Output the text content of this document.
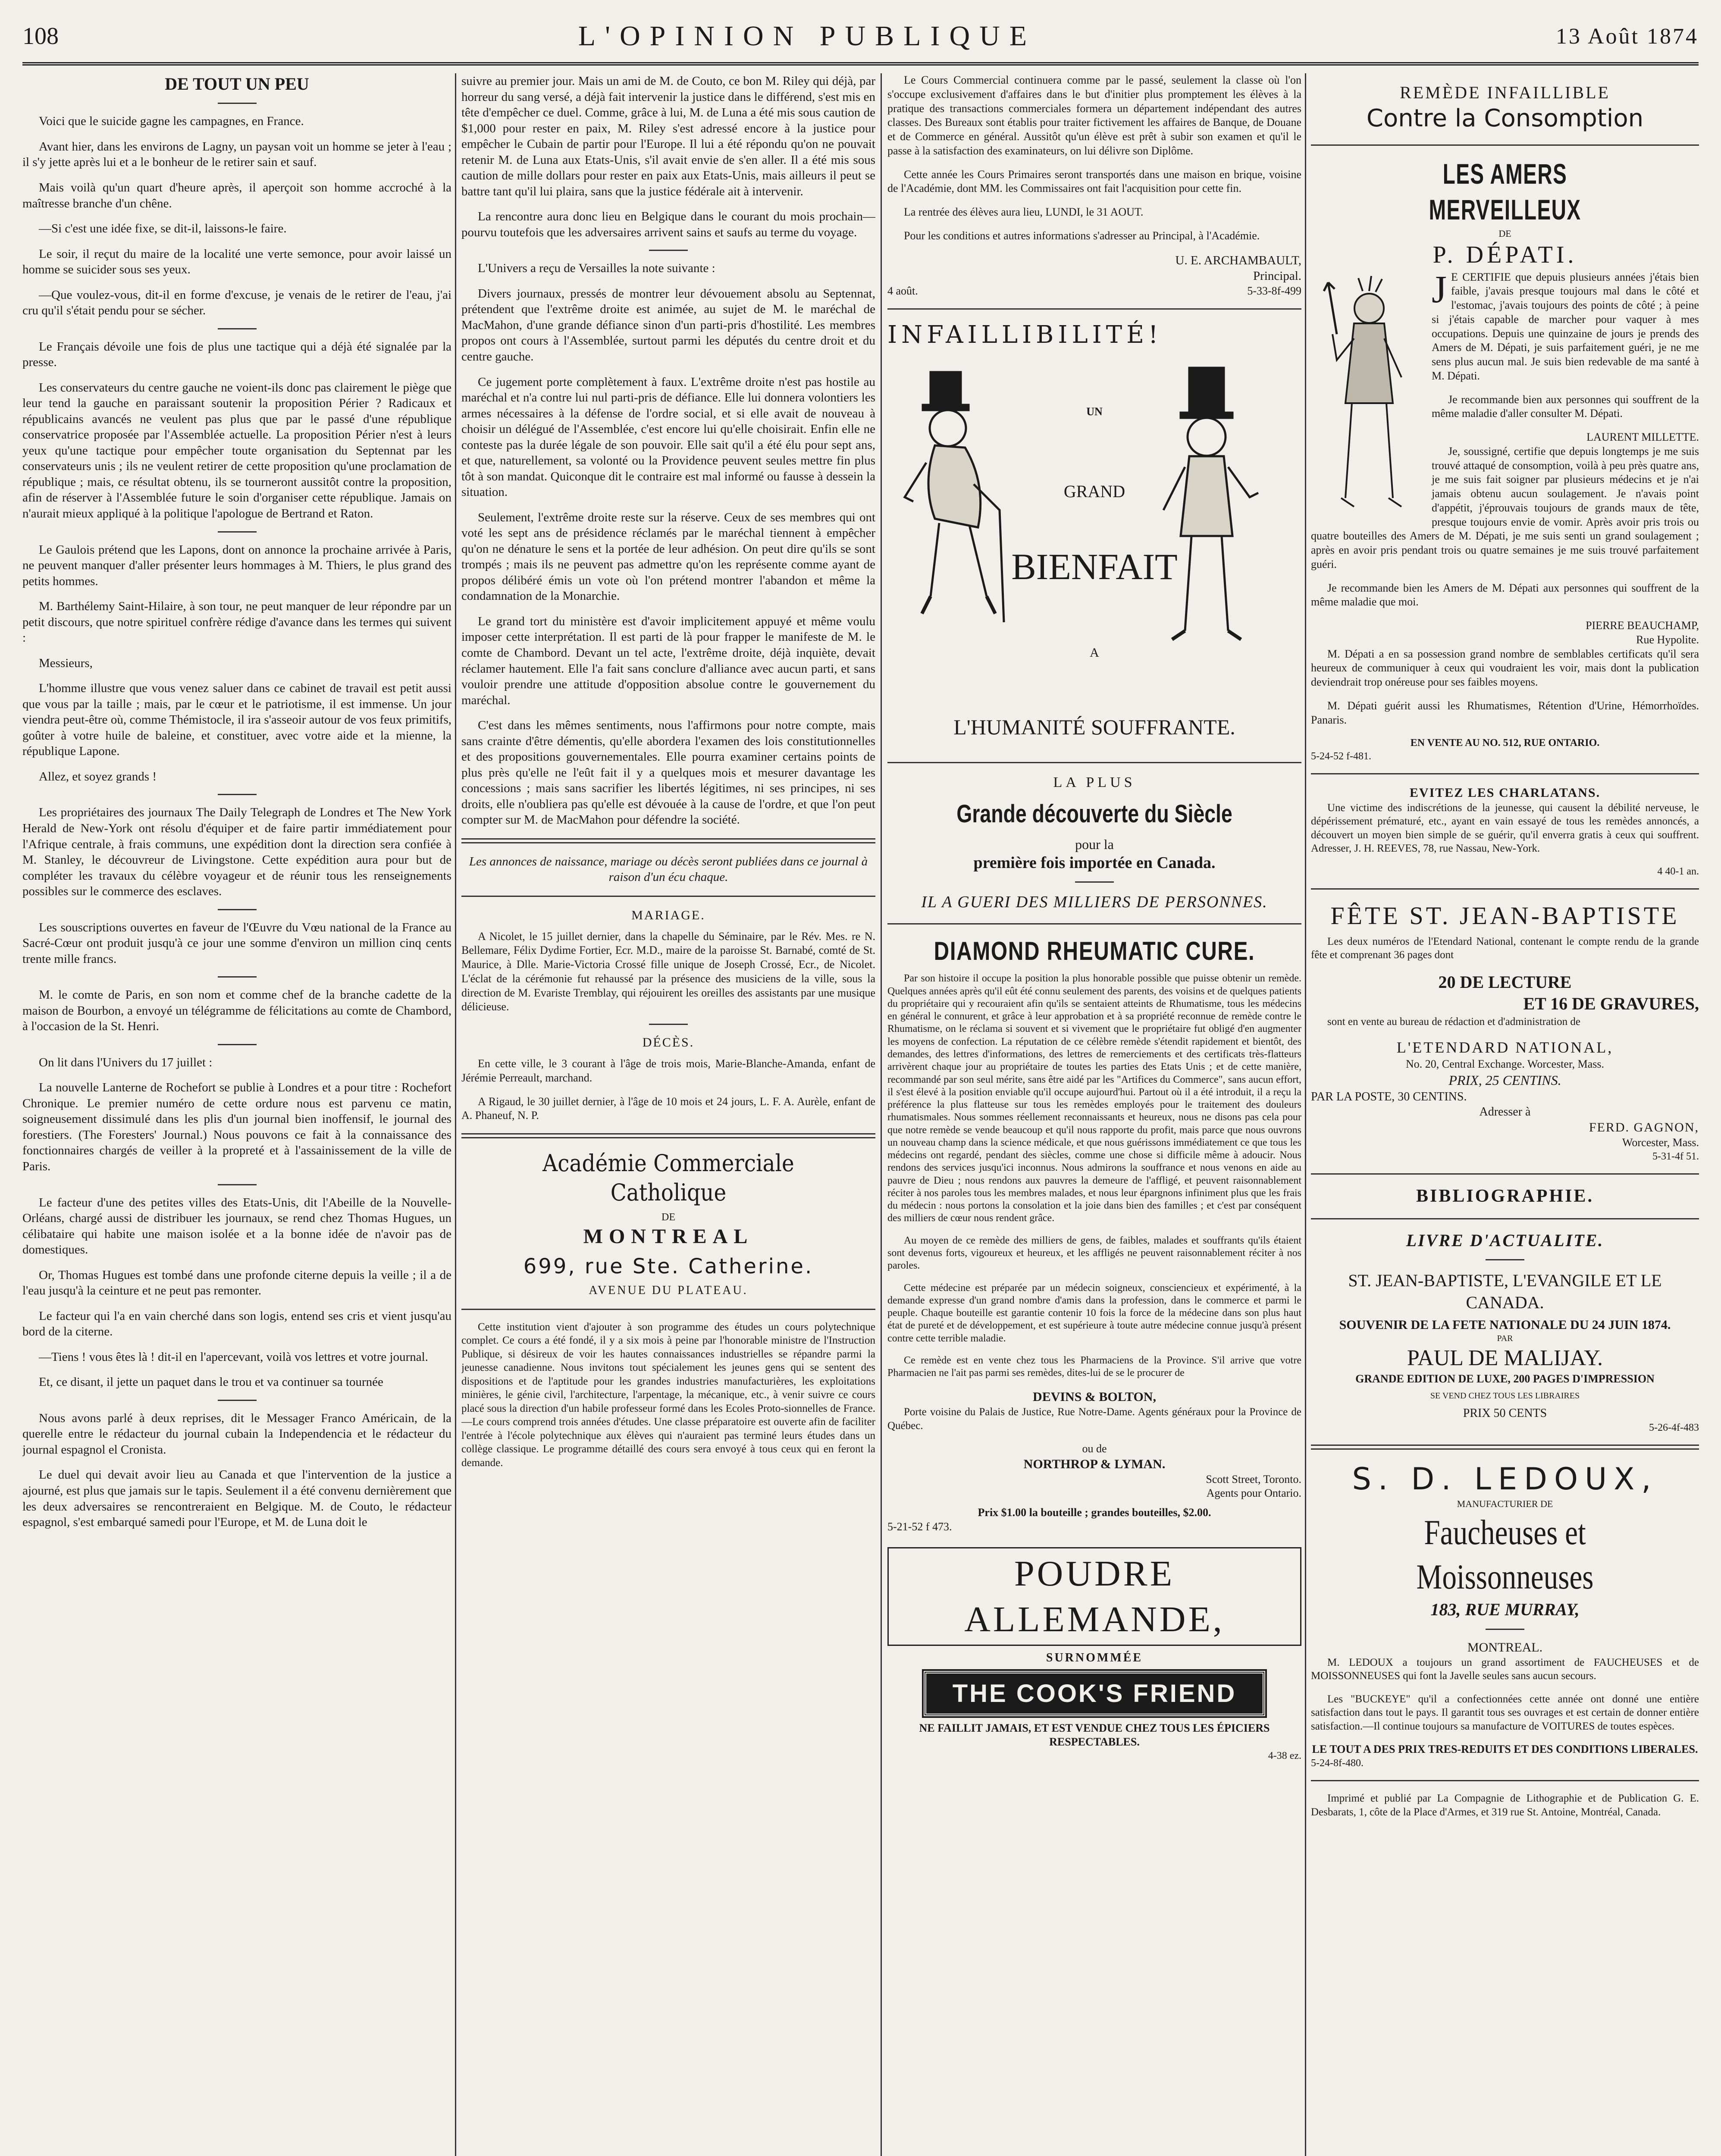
108	L'OPINION PUBLIQUE	13 Août 1874
DE TOUT UN PEU

Voici que le suicide gagne les campagnes, en France.

Avant hier, dans les environs de Lagny, un paysan voit un homme se jeter à l'eau ; il s'y jette après lui et a le bonheur de le retirer sain et sauf.

Mais voilà qu'un quart d'heure après, il aperçoit son homme accroché à la maîtresse branche d'un chêne.

—Si c'est une idée fixe, se dit-il, laissons-le faire.

Le soir, il reçut du maire de la localité une verte semonce, pour avoir laissé un homme se suicider sous ses yeux.

—Que voulez-vous, dit-il en forme d'excuse, je venais de le retirer de l'eau, j'ai cru qu'il s'était pendu pour se sécher.

Le Français dévoile une fois de plus une tactique qui a déjà été signalée par la presse.

Les conservateurs du centre gauche ne voient-ils donc pas clairement le piège que leur tend la gauche en paraissant soutenir la proposition Périer ? Radicaux et républicains avancés ne veulent pas plus que par le passé d'une république conservatrice proposée par l'Assemblée actuelle. La proposition Périer n'est à leurs yeux qu'une tactique pour empêcher toute organisation du Septennat par les conservateurs unis ; ils ne veulent retirer de cette proposition qu'une proclamation de république ; mais, ce résultat obtenu, ils se tourneront aussitôt contre la proposition, afin de réserver à l'Assemblée future le soin d'organiser cette république. Jamais on n'aurait mieux appliqué à la politique l'apologue de Bertrand et Raton.

Le Gaulois prétend que les Lapons, dont on annonce la prochaine arrivée à Paris, ne peuvent manquer d'aller présenter leurs hommages à M. Thiers, le plus grand des petits hommes.

M. Barthélemy Saint-Hilaire, à son tour, ne peut manquer de leur répondre par un petit discours, que notre spirituel confrère rédige d'avance dans les termes qui suivent :

Messieurs,

L'homme illustre que vous venez saluer dans ce cabinet de travail est petit aussi que vous par la taille ; mais, par le cœur et le patriotisme, il est immense. Un jour viendra peut-être où, comme Thémistocle, il ira s'asseoir autour de vos feux primitifs, goûter à votre huile de baleine, et constituer, avec votre aide et la mienne, la république Lapone.

Allez, et soyez grands !

Les propriétaires des journaux The Daily Telegraph de Londres et The New York Herald de New-York ont résolu d'équiper et de faire partir immédiatement pour l'Afrique centrale, à frais communs, une expédition dont la direction sera confiée à M. Stanley, le découvreur de Livingstone. Cette expédition aura pour but de compléter les travaux du célèbre voyageur et de réunir tous les renseignements possibles sur le commerce des esclaves.

Les souscriptions ouvertes en faveur de l'Œuvre du Vœu national de la France au Sacré-Cœur ont produit jusqu'à ce jour une somme d'environ un million cinq cents trente mille francs.

M. le comte de Paris, en son nom et comme chef de la branche cadette de la maison de Bourbon, a envoyé un télégramme de félicitations au comte de Chambord, à l'occasion de la St. Henri.

On lit dans l'Univers du 17 juillet :

La nouvelle Lanterne de Rochefort se publie à Londres et a pour titre : Rochefort Chronique. Le premier numéro de cette ordure nous est parvenu ce matin, soigneusement dissimulé dans les plis d'un journal bien inoffensif, le journal des forestiers. (The Foresters' Journal.) Nous pouvons ce fait à la connaissance des fonctionnaires chargés de veiller à la propreté et à l'assainissement de la ville de Paris.

Le facteur d'une des petites villes des Etats-Unis, dit l'Abeille de la Nouvelle-Orléans, chargé aussi de distribuer les journaux, se rend chez Thomas Hugues, un célibataire qui habite une maison isolée et a la bonne idée de n'avoir pas de domestiques.

Or, Thomas Hugues est tombé dans une profonde citerne depuis la veille ; il a de l'eau jusqu'à la ceinture et ne peut pas remonter.

Le facteur qui l'a en vain cherché dans son logis, entend ses cris et vient jusqu'au bord de la citerne.

—Tiens ! vous êtes là ! dit-il en l'apercevant, voilà vos lettres et votre journal.

Et, ce disant, il jette un paquet dans le trou et va continuer sa tournée

Nous avons parlé à deux reprises, dit le Messager Franco Américain, de la querelle entre le rédacteur du journal cubain la Independencia et le rédacteur du journal espagnol el Cronista.

Le duel qui devait avoir lieu au Canada et que l'intervention de la justice a ajourné, est plus que jamais sur le tapis. Seulement il a été convenu dernièrement que les deux adversaires se rencontreraient en Belgique. M. de Couto, le rédacteur espagnol, s'est embarqué samedi pour l'Europe, et M. de Luna doit le

suivre au premier jour. Mais un ami de M. de Couto, ce bon M. Riley qui déjà, par horreur du sang versé, a déjà fait intervenir la justice dans le différend, s'est mis en tête d'empêcher ce duel. Comme, grâce à lui, M. de Luna a été mis sous caution de $1,000 pour rester en paix, M. Riley s'est adressé encore à la justice pour empêcher le Cubain de partir pour l'Europe. Il lui a été répondu qu'on ne pouvait retenir M. de Luna aux Etats-Unis, s'il avait envie de s'en aller. Il a été mis sous caution de mille dollars pour rester en paix aux Etats-Unis, mais ailleurs il peut se battre tant qu'il lui plaira, sans que la justice fédérale ait à intervenir.

La rencontre aura donc lieu en Belgique dans le courant du mois prochain—pourvu toutefois que les adversaires arrivent sains et saufs au terme du voyage.

L'Univers a reçu de Versailles la note suivante :

Divers journaux, pressés de montrer leur dévouement absolu au Septennat, prétendent que l'extrême droite est animée, au sujet de M. le maréchal de MacMahon, d'une grande défiance sinon d'un parti-pris d'hostilité. Les membres propos ont cours à l'Assemblée, surtout parmi les députés du centre droit et du centre gauche.

Ce jugement porte complètement à faux. L'extrême droite n'est pas hostile au maréchal et n'a contre lui nul parti-pris de défiance. Elle lui donnera volontiers les armes nécessaires à la défense de l'ordre social, et si elle avait de nouveau à choisir un délégué de l'Assemblée, c'est encore lui qu'elle choisirait. Enfin elle ne conteste pas la durée légale de son pouvoir. Elle sait qu'il a été élu pour sept ans, et que, naturellement, sa volonté ou la Providence peuvent seules mettre fin plus tôt à son mandat. Quiconque dit le contraire est mal informé ou fausse à dessein la situation.

Seulement, l'extrême droite reste sur la réserve. Ceux de ses membres qui ont voté les sept ans de présidence réclamés par le maréchal tiennent à empêcher qu'on ne dénature le sens et la portée de leur adhésion. On peut dire qu'ils se sont trompés ; mais ils ne peuvent pas admettre qu'on les représente comme ayant de propos délibéré émis un vote où l'on prétend montrer l'abandon et même la condamnation de la Monarchie.

Le grand tort du ministère est d'avoir implicitement appuyé et même voulu imposer cette interprétation. Il est parti de là pour frapper le manifeste de M. le comte de Chambord. Devant un tel acte, l'extrême droite, déjà inquiète, devait réclamer hautement. Elle l'a fait sans conclure d'alliance avec aucun parti, et sans vouloir prendre une attitude d'opposition absolue contre le gouvernement du maréchal.

C'est dans les mêmes sentiments, nous l'affirmons pour notre compte, mais sans crainte d'être démentis, qu'elle abordera l'examen des lois constitutionnelles et des propositions gouvernementales. Elle pourra examiner certains points de plus près qu'elle ne l'eût fait il y a quelques mois et mesurer davantage les concessions ; mais sans sacrifier les libertés légitimes, ni ses principes, ni ses droits, elle n'oubliera pas qu'elle est dévouée à la cause de l'ordre, et que l'on peut compter sur M. de MacMahon pour défendre la société.

Les annonces de naissance, mariage ou décès seront publiées dans ce journal à raison d'un écu chaque.

MARIAGE.

A Nicolet, le 15 juillet dernier, dans la chapelle du Séminaire, par le Rév. Mes. re N. Bellemare, Félix Dydime Fortier, Ecr. M.D., maire de la paroisse St. Barnabé, comté de St. Maurice, à Dlle. Marie-Victoria Crossé fille unique de Joseph Crossé, Ecr., de Nicolet. L'éclat de la cérémonie fut rehaussé par la présence des musiciens de la ville, sous la direction de M. Evariste Tremblay, qui réjouirent les oreilles des assistants par une musique délicieuse.

DÉCÈS.

En cette ville, le 3 courant à l'âge de trois mois, Marie-Blanche-Amanda, enfant de Jérémie Perreault, marchand.

A Rigaud, le 30 juillet dernier, à l'âge de 10 mois et 24 jours, L. F. A. Aurèle, enfant de A. Phaneuf, N. P.

Académie Commerciale Catholique
DE
MONTREAL
699, rue Ste. Catherine.
AVENUE DU PLATEAU.

Cette institution vient d'ajouter à son programme des études un cours polytechnique complet. Ce cours a été fondé, il y a six mois à peine par l'honorable ministre de l'Instruction Publique, si désireux de voir les hautes connaissances industrielles se répandre parmi la jeunesse canadienne. Nous invitons tout spécialement les jeunes gens qui se sentent des dispositions et de l'aptitude pour les grandes industries manufacturières, les exploitations minières, le génie civil, l'architecture, l'arpentage, la mécanique, etc., à venir suivre ce cours placé sous la direction d'un habile professeur formé dans les Ecoles Proto-sionnelles de France.—Le cours comprend trois années d'études. Une classe préparatoire est ouverte afin de faciliter l'entrée à l'école polytechnique aux élèves qui n'auraient pas terminé leurs études dans un collège classique. Le programme détaillé des cours sera envoyé à tous ceux qui en feront la demande.

Le Cours Commercial continuera comme par le passé, seulement la classe où l'on s'occupe exclusivement d'affaires dans le but d'initier plus promptement les élèves à la pratique des transactions commerciales formera un département indépendant des autres classes. Des Bureaux sont établis pour traiter fictivement les affaires de Banque, de Douane et de Commerce en général. Aussitôt qu'un élève est prêt à subir son examen et qu'il le passe à la satisfaction des examinateurs, on lui délivre son Diplôme.

Cette année les Cours Primaires seront transportés dans une maison en brique, voisine de l'Académie, dont MM. les Commissaires ont fait l'acquisition pour cette fin.

La rentrée des élèves aura lieu, LUNDI, le 31 AOUT.

Pour les conditions et autres informations s'adresser au Principal, à l'Académie.

U. E. ARCHAMBAULT,
Principal.
4 août.	5-33-8f-499
INFAILLIBILITÉ!
UN
GRAND
BIENFAIT
A
L'HUMANITÉ SOUFFRANTE.
LA PLUS
Grande découverte du Siècle
pour la
première fois importée en Canada.
IL A GUERI DES MILLIERS DE PERSONNES.
DIAMOND RHEUMATIC CURE.

Par son histoire il occupe la position la plus honorable possible que puisse obtenir un remède. Quelques années après qu'il eût été connu seulement des parents, des voisins et de quelques patients du propriétaire qui y recouraient afin qu'ils se sentaient atteints de Rhumatisme, tous les médecins en général le connurent, et grâce à leur approbation et à sa propriété reconnue de remède contre le Rhumatisme, on le réclama si souvent et si vivement que le propriétaire fut obligé d'en augmenter les moyens de confection. La réputation de ce célèbre remède s'étendit rapidement et bientôt, des demandes, des lettres d'informations, des lettres de remerciements et des certificats très-flatteurs arrivèrent chaque jour au propriétaire de toutes les parties des Etats Unis ; et de cette manière, recommandé par son seul mérite, sans être aidé par les "Artifices du Commerce", sans aucun effort, il s'est élevé à la position enviable qu'il occupe aujourd'hui. Partout où il a été introduit, il a reçu la préférence la plus flatteuse sur tous les remèdes employés pour le traitement des douleurs rhumatismales. Nous sommes réellement reconnaissants et heureux, nous ne disons pas cela pour que notre remède se vende beaucoup et qu'il nous rapporte du profit, mais parce que nous ouvrons un nouveau champ dans la science médicale, et que nous guérissons immédiatement ce que tous les médecins ont regardé, pendant des siècles, comme une chose si difficile même à adoucir. Nous rendons des services jusqu'ici inconnus. Nous admirons la souffrance et nous venons en aide au pauvre de Dieu ; nous rendons aux pauvres la demeure de l'affligé, et peuvent raisonnablement réciter à nos paroles tous les membres malades, et nous leur épargnons infiniment plus que les frais du médecin : nous portons la consolation et la joie dans bien des familles ; et c'est par conséquent des milliers de cœur nous rendent grâce.

Au moyen de ce remède des milliers de gens, de faibles, malades et souffrants qu'ils étaient sont devenus forts, vigoureux et heureux, et les affligés ne peuvent raisonnablement réciter à nos paroles.

Cette médecine est préparée par un médecin soigneux, consciencieux et expérimenté, à la demande expresse d'un grand nombre d'amis dans la profession, dans le commerce et parmi le peuple. Chaque bouteille est garantie contenir 10 fois la force de la médecine dans son plus haut état de pureté et de développement, et est supérieure à toute autre médecine connue jusqu'à présent contre cette terrible maladie.

Ce remède est en vente chez tous les Pharmaciens de la Province. S'il arrive que votre Pharmacien ne l'ait pas parmi ses remèdes, dites-lui de se le procurer de

DEVINS & BOLTON,

Porte voisine du Palais de Justice, Rue Notre-Dame. Agents généraux pour la Province de Québec.

ou de
NORTHROP & LYMAN.
Scott Street, Toronto.
Agents pour Ontario.
Prix $1.00 la bouteille ; grandes bouteilles, $2.00.
5-21-52 f 473.
POUDRE ALLEMANDE,
SURNOMMÉE
THE COOK'S FRIEND
NE FAILLIT JAMAIS, ET EST VENDUE CHEZ TOUS LES ÉPICIERS RESPECTABLES.
4-38 ez.
REMÈDE INFAILLIBLE
Contre la Consomption
LES AMERS MERVEILLEUX
DE
P. DÉPATI.

J E CERTIFIE que depuis plusieurs années j'étais bien faible, j'avais presque toujours mal dans le côté et l'estomac, j'avais toujours des points de côté ; à peine si j'étais capable de marcher pour vaquer à mes occupations. Depuis une quinzaine de jours je prends des Amers de M. Dépati, je suis parfaitement guéri, je ne me sens plus aucun mal. Je suis bien redevable de ma santé à M. Dépati.

Je recommande bien aux personnes qui souffrent de la même maladie d'aller consulter M. Dépati.

LAURENT MILLETTE.

Je, soussigné, certifie que depuis longtemps je me suis trouvé attaqué de consomption, voilà à peu près quatre ans, je me suis fait soigner par plusieurs médecins et je n'ai jamais obtenu aucun soulagement. Je n'avais point d'appétit, j'éprouvais toujours de grands maux de tête, presque toujours envie de vomir. Après avoir pris trois ou quatre bouteilles des Amers de M. Dépati, je me suis senti un grand soulagement ; après en avoir pris pendant trois ou quatre semaines je me suis trouvé parfaitement guéri.

Je recommande bien les Amers de M. Dépati aux personnes qui souffrent de la même maladie que moi.

PIERRE BEAUCHAMP,
Rue Hypolite.

M. Dépati a en sa possession grand nombre de semblables certificats qu'il sera heureux de communiquer à ceux qui voudraient les voir, mais dont la publication deviendrait trop onéreuse pour ses faibles moyens.

M. Dépati guérit aussi les Rhumatismes, Rétention d'Urine, Hémorrhoïdes. Panaris.

EN VENTE AU NO. 512, RUE ONTARIO.
5-24-52 f-481.
EVITEZ LES CHARLATANS.

Une victime des indiscrétions de la jeunesse, qui causent la débilité nerveuse, le dépérissement prématuré, etc., ayant en vain essayé de tous les remèdes annoncés, a découvert un moyen bien simple de se guérir, qu'il enverra gratis à ceux qui souffrent. Adresser, J. H. REEVES, 78, rue Nassau, New-York.

4 40-1 an.
FÊTE ST. JEAN-BAPTISTE

Les deux numéros de l'Etendard National, contenant le compte rendu de la grande fête et comprenant 36 pages dont

20 DE LECTURE
ET 16 DE GRAVURES,

sont en vente au bureau de rédaction et d'administration de

L'ETENDARD NATIONAL,
No. 20, Central Exchange. Worcester, Mass.
PRIX, 25 CENTINS.
PAR LA POSTE, 30 CENTINS.
Adresser à
FERD. GAGNON,
Worcester, Mass.
5-31-4f 51.
BIBLIOGRAPHIE.
LIVRE D'ACTUALITE.
ST. JEAN-BAPTISTE, L'EVANGILE ET LE CANADA.
SOUVENIR DE LA FETE NATIONALE DU 24 JUIN 1874.
PAR
PAUL DE MALIJAY.
GRANDE EDITION DE LUXE, 200 PAGES D'IMPRESSION
SE VEND CHEZ TOUS LES LIBRAIRES
PRIX 50 CENTS
5-26-4f-483
S. D. LEDOUX,
MANUFACTURIER DE
Faucheuses et Moissonneuses
183, RUE MURRAY,
MONTREAL.

M. LEDOUX a toujours un grand assortiment de FAUCHEUSES et de MOISSONNEUSES qui font la Javelle seules sans aucun secours.

Les "BUCKEYE" qu'il a confectionnées cette année ont donné une entière satisfaction dans tout le pays. Il garantit tous ses ouvrages et est certain de donner entière satisfaction.—Il continue toujours sa manufacture de VOITURES de toutes espèces.

LE TOUT A DES PRIX TRES-REDUITS ET DES CONDITIONS LIBERALES.
5-24-8f-480.

Imprimé et publié par La Compagnie de Lithographie et de Publication G. E. Desbarats, 1, côte de la Place d'Armes, et 319 rue St. Antoine, Montréal, Canada.
